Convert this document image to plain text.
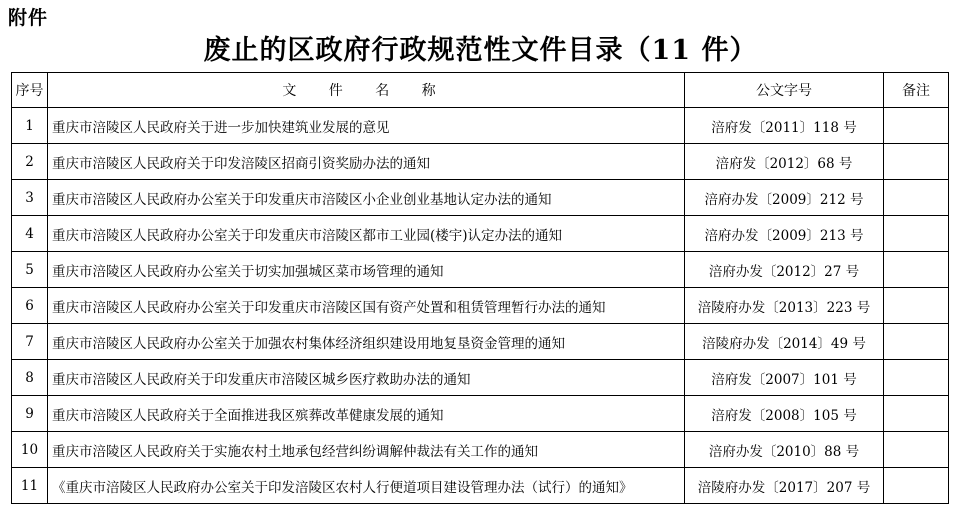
附件
废止的区政府行政规范性文件目录（11 件）
序号	文 件 名 称	公文字号	备注
1	重庆市涪陵区人民政府关于进一步加快建筑业发展的意见	涪府发〔2011〕118 号	
2	重庆市涪陵区人民政府关于印发涪陵区招商引资奖励办法的通知	涪府发〔2012〕68 号	
3	重庆市涪陵区人民政府办公室关于印发重庆市涪陵区小企业创业基地认定办法的通知	涪府办发〔2009〕212 号	
4	重庆市涪陵区人民政府办公室关于印发重庆市涪陵区都市工业园(楼宇)认定办法的通知	涪府办发〔2009〕213 号	
5	重庆市涪陵区人民政府办公室关于切实加强城区菜市场管理的通知	涪府办发〔2012〕27 号	
6	重庆市涪陵区人民政府办公室关于印发重庆市涪陵区国有资产处置和租赁管理暂行办法的通知	涪陵府办发〔2013〕223 号	
7	重庆市涪陵区人民政府办公室关于加强农村集体经济组织建设用地复垦资金管理的通知	涪陵府办发〔2014〕49 号	
8	重庆市涪陵区人民政府关于印发重庆市涪陵区城乡医疗救助办法的通知	涪府发〔2007〕101 号	
9	重庆市涪陵区人民政府关于全面推进我区殡葬改革健康发展的通知	涪府发〔2008〕105 号	
10	重庆市涪陵区人民政府关于实施农村土地承包经营纠纷调解仲裁法有关工作的通知	涪府办发〔2010〕88 号	
11	《重庆市涪陵区人民政府办公室关于印发涪陵区农村人行便道项目建设管理办法（试行）的通知》	涪陵府办发〔2017〕207 号	
